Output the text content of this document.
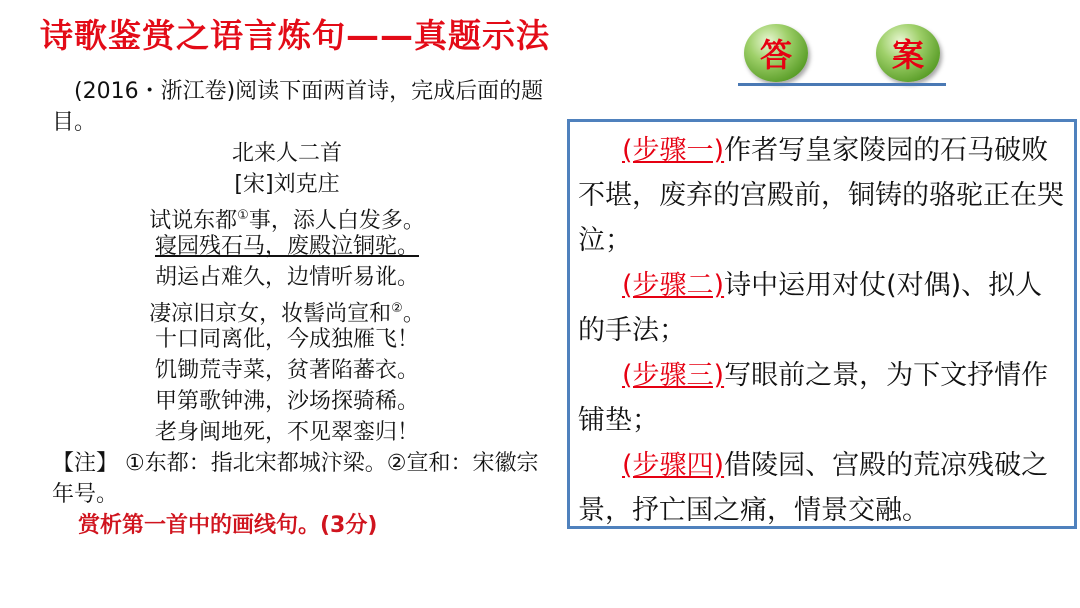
诗歌鉴赏之语言炼句——真题示法	答	案
(2016・浙江卷)阅读下面两首诗，完成后面的题目。
北来人二首
[宋]刘克庄
试说东都①事，添人白发多。
寝园残石马，废殿泣铜驼。
胡运占难久，边情听易讹。
凄凉旧京女，妆髻尚宣和②。
十口同离仳，今成独雁飞！
饥锄荒寺菜，贫著陷蕃衣。
甲第歌钟沸，沙场探骑稀。
老身闽地死，不见翠銮归！
【注】 ①东都：指北宋都城汴梁。②宣和：宋徽宗年号。
赏析第一首中的画线句。(3分)

(步骤一)作者写皇家陵园的石马破败不堪，废弃的宫殿前，铜铸的骆驼正在哭泣；

(步骤二)诗中运用对仗(对偶)、拟人的手法；

(步骤三)写眼前之景，为下文抒情作铺垫；

(步骤四)借陵园、宫殿的荒凉残破之景，抒亡国之痛，情景交融。
